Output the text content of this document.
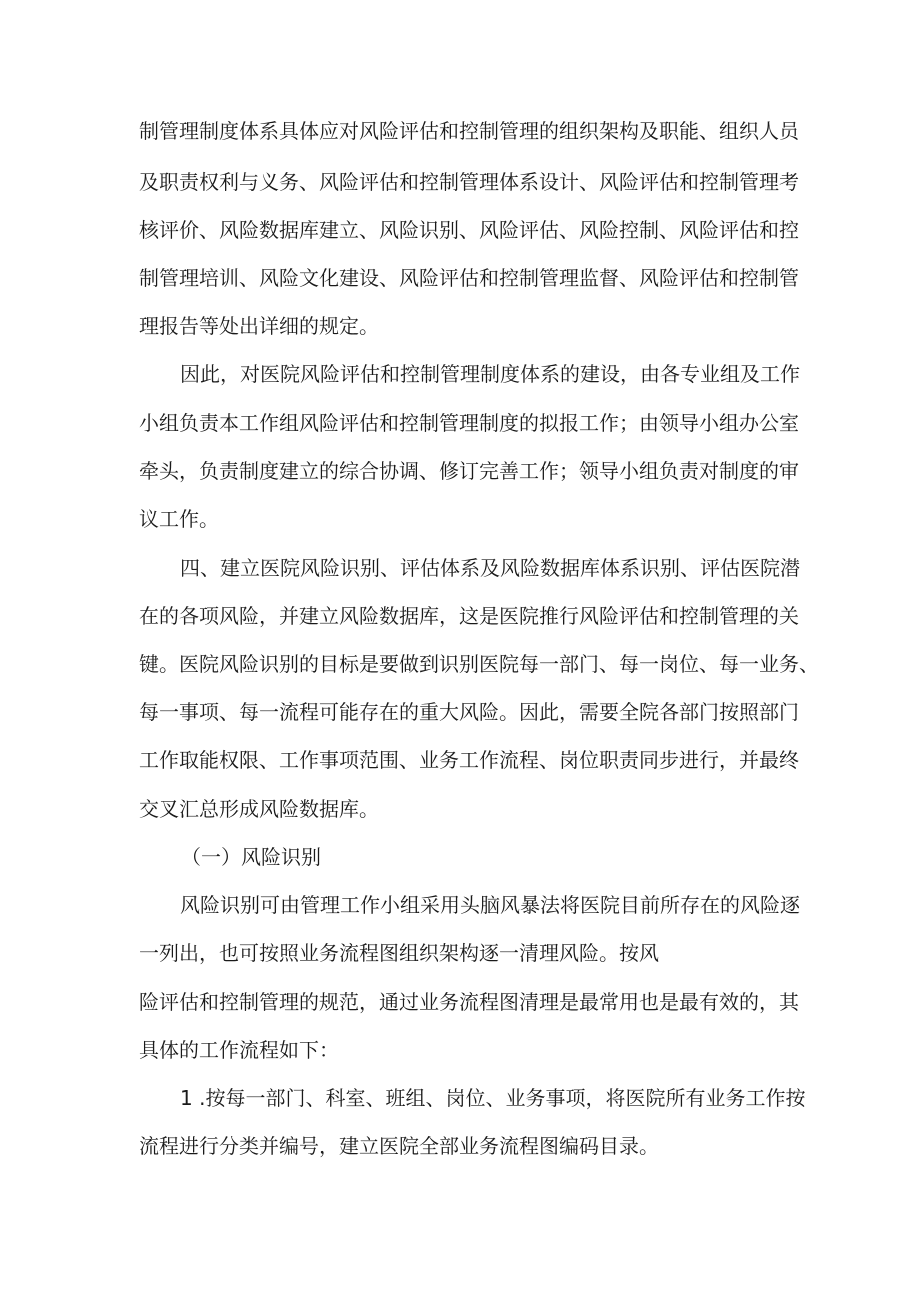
制管理制度体系具体应对风险评估和控制管理的组织架构及职能、组织人员
及职责权利与义务、风险评估和控制管理体系设计、风险评估和控制管理考
核评价、风险数据库建立、风险识别、风险评估、风险控制、风险评估和控
制管理培训、风险文化建设、风险评估和控制管理监督、风险评估和控制管
理报告等处出详细的规定。
因此，对医院风险评估和控制管理制度体系的建设，由各专业组及工作
小组负责本工作组风险评估和控制管理制度的拟报工作；由领导小组办公室
牵头，负责制度建立的综合协调、修订完善工作；领导小组负责对制度的审
议工作。
四、建立医院风险识别、评估体系及风险数据库体系识别、评估医院潜
在的各项风险，并建立风险数据库，这是医院推行风险评估和控制管理的关
键。医院风险识别的目标是要做到识别医院每一部门、每一岗位、每一业务、
每一事项、每一流程可能存在的重大风险。因此，需要全院各部门按照部门
工作取能权限、工作事项范围、业务工作流程、岗位职责同步进行，并最终
交叉汇总形成风险数据库。
（一）风险识别
风险识别可由管理工作小组采用头脑风暴法将医院目前所存在的风险逐
一列出，也可按照业务流程图组织架构逐一清理风险。按风
险评估和控制管理的规范，通过业务流程图清理是最常用也是最有效的，其
具体的工作流程如下：
1 .按每一部门、科室、班组、岗位、业务事项，将医院所有业务工作按
流程进行分类并编号，建立医院全部业务流程图编码目录。
